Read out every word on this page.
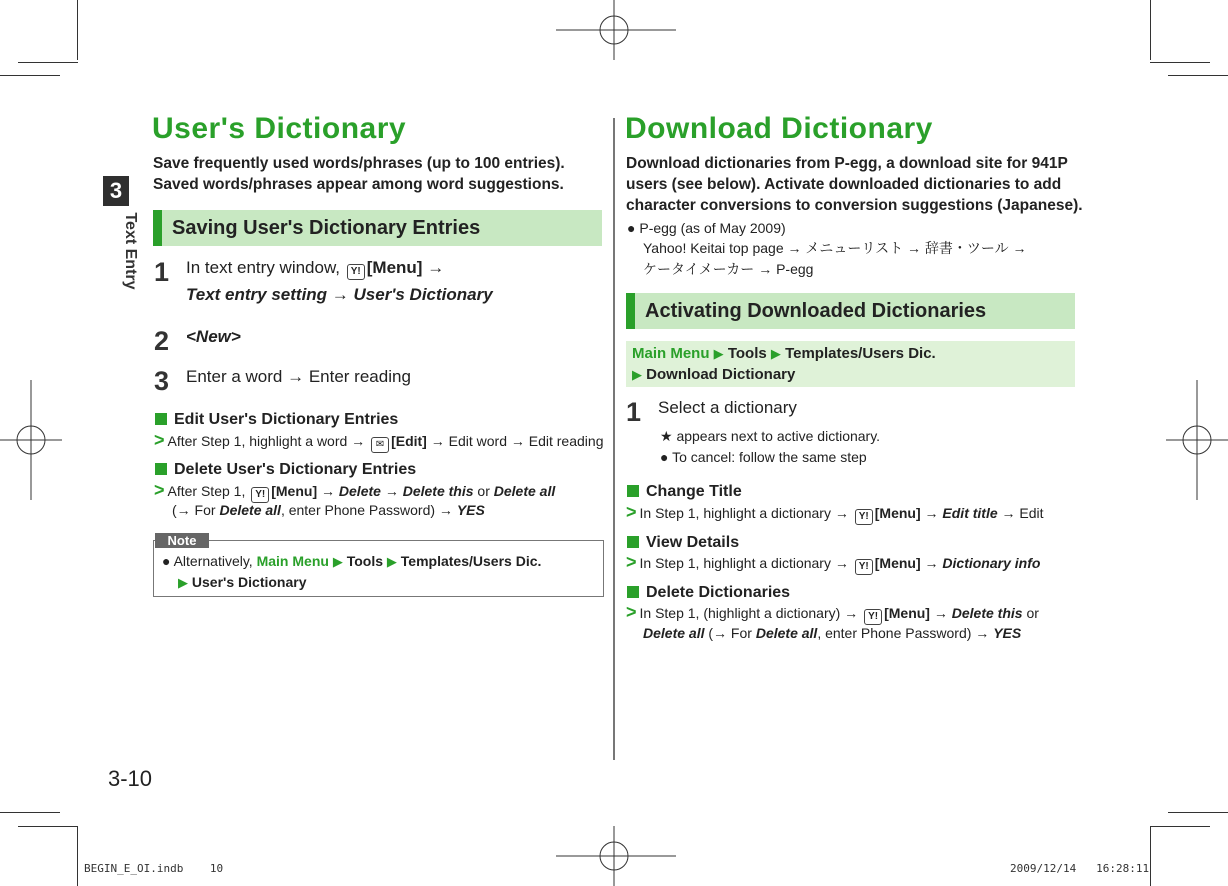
3
Text Entry
User's Dictionary
Save frequently used words/phrases (up to 100 entries).
Saved words/phrases appear among word suggestions.
Saving User's Dictionary Entries
1 In text entry window, Y! [Menu] →
Text entry setting → User's Dictionary
2 <New>
3 Enter a word → Enter reading
Edit User's Dictionary Entries
> After Step 1, highlight a word → ✉ [Edit] → Edit word → Edit reading
Delete User's Dictionary Entries
> After Step 1, Y! [Menu] → Delete → Delete this or Delete all
(→ For Delete all, enter Phone Password) → YES
Note
● Alternatively, Main Menu ▶ Tools ▶ Templates/Users Dic.
▶ User's Dictionary
3-10
Download Dictionary
Download dictionaries from P-egg, a download site for 941P
users (see below). Activate downloaded dictionaries to add
character conversions to conversion suggestions (Japanese).
● P-egg (as of May 2009)
Yahoo! Keitai top page → メニューリスト → 辞書・ツール →
ケータイメーカー → P-egg
Activating Downloaded Dictionaries
Main Menu ▶ Tools ▶ Templates/Users Dic.
▶ Download Dictionary
1 Select a dictionary
★ appears next to active dictionary.
● To cancel: follow the same step
Change Title
> In Step 1, highlight a dictionary → Y! [Menu] → Edit title → Edit
View Details
> In Step 1, highlight a dictionary → Y! [Menu] → Dictionary info
Delete Dictionaries
> In Step 1, (highlight a dictionary) → Y! [Menu] → Delete this or
Delete all (→ For Delete all, enter Phone Password) → YES
BEGIN_E_OI.indb 10	2009/12/14 16:28:11
